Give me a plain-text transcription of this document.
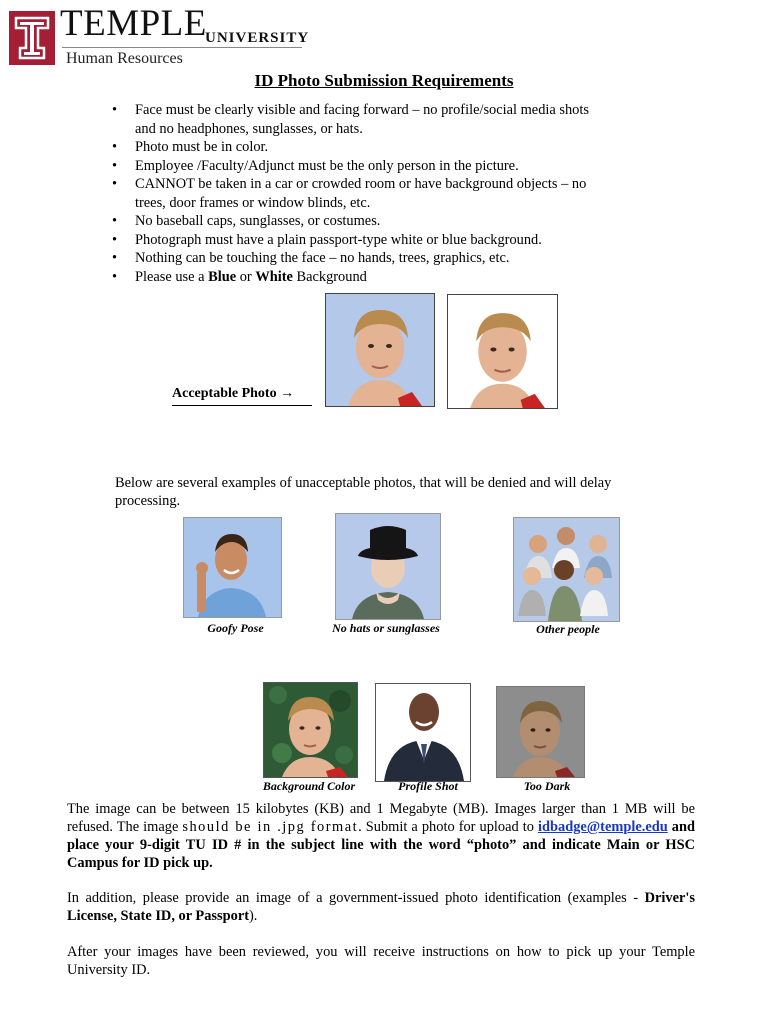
TEMPLE
UNIVERSITY
Human Resources
ID Photo Submission Requirements
• Face must be clearly visible and facing forward – no profile/social media shots and no headphones, sunglasses, or hats.
• Photo must be in color.
• Employee /Faculty/Adjunct must be the only person in the picture.
• CANNOT be taken in a car or crowded room or have background objects – no trees, door frames or window blinds, etc.
• No baseball caps, sunglasses, or costumes.
• Photograph must have a plain passport-type white or blue background.
• Nothing can be touching the face – no hands, trees, graphics, etc.
• Please use a Blue or White Background
Acceptable Photo →
Below are several examples of unacceptable photos, that will be denied and will delay processing.
Goofy Pose	No hats or sunglasses	Other people
Background Color	Profile Shot	Too Dark
The image can be between 15 kilobytes (KB) and 1 Megabyte (MB). Images larger than 1 MB will be refused. The image should be in .jpg format. Submit a photo for upload to idbadge@temple.edu and place your 9-digit TU ID # in the subject line with the word “photo” and indicate Main or HSC Campus for ID pick up.
In addition, please provide an image of a government-issued photo identification (examples - Driver's License, State ID, or Passport).
After your images have been reviewed, you will receive instructions on how to pick up your Temple University ID.
